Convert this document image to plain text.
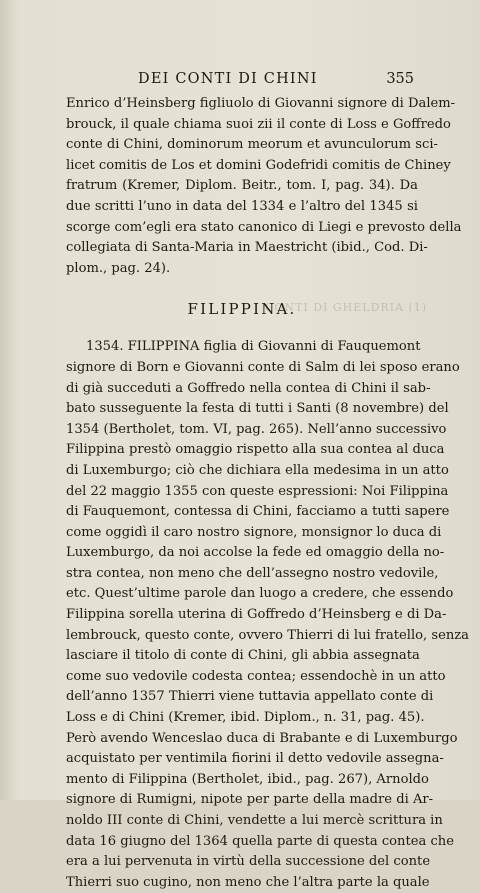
DEI CONTI DI CHINI	355
CONTI DI GHELDRIA (1)
Enrico d’Heinsberg figliuolo di Giovanni signore di Dalem-
brouck, il quale chiama suoi zii il conte di Loss e Goffredo
conte di Chini, dominorum meorum et avunculorum sci-
licet comitis de Los et domini Godefridi comitis de Chiney
fratrum (Kremer, Diplom. Beitr., tom. I, pag. 34). Da
due scritti l’uno in data del 1334 e l’altro del 1345 si
scorge com’egli era stato canonico di Liegi e prevosto della
collegiata di Santa-Maria in Maestricht (ibid., Cod. Di-
plom., pag. 24).
FILIPPINA.
1354. FILIPPINA figlia di Giovanni di Fauquemont
signore di Born e Giovanni conte di Salm di lei sposo erano
di già succeduti a Goffredo nella contea di Chini il sab-
bato susseguente la festa di tutti i Santi (8 novembre) del
1354 (Bertholet, tom. VI, pag. 265). Nell’anno successivo
Filippina prestò omaggio rispetto alla sua contea al duca
di Luxemburgo; ciò che dichiara ella medesima in un atto
del 22 maggio 1355 con queste espressioni: Noi Filippina
di Fauquemont, contessa di Chini, facciamo a tutti sapere
come oggidì il caro nostro signore, monsignor lo duca di
Luxemburgo, da noi accolse la fede ed omaggio della no-
stra contea, non meno che dell’assegno nostro vedovile,
etc. Quest’ultime parole dan luogo a credere, che essendo
Filippina sorella uterina di Goffredo d’Heinsberg e di Da-
lembrouck, questo conte, ovvero Thierri di lui fratello, senza
lasciare il titolo di conte di Chini, gli abbia assegnata
come suo vedovile codesta contea; essendochè in un atto
dell’anno 1357 Thierri viene tuttavia appellato conte di
Loss e di Chini (Kremer, ibid. Diplom., n. 31, pag. 45).
Però avendo Wenceslao duca di Brabante e di Luxemburgo
acquistato per ventimila fiorini il detto vedovile assegna-
mento di Filippina (Bertholet, ibid., pag. 267), Arnoldo
signore di Rumigni, nipote per parte della madre di Ar-
noldo III conte di Chini, vendette a lui mercè scrittura in
data 16 giugno del 1364 quella parte di questa contea che
era a lui pervenuta in virtù della successione del conte
Thierri suo cugino, non meno che l’altra parte la quale
